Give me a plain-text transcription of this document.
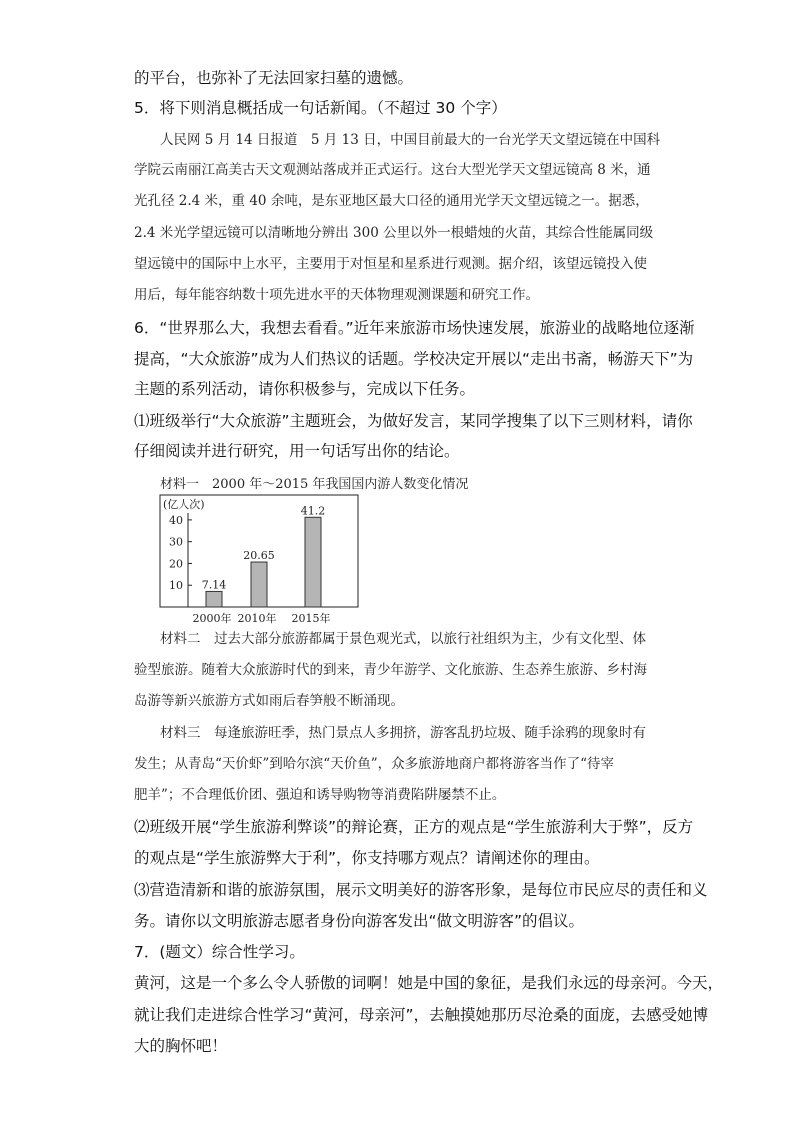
的平台，也弥补了无法回家扫墓的遗憾。
5．将下则消息概括成一句话新闻。（不超过 30 个字）
人民网 5 月 14 日报道　5 月 13 日，中国目前最大的一台光学天文望远镜在中国科
学院云南丽江高美古天文观测站落成并正式运行。这台大型光学天文望远镜高 8 米，通
光孔径 2.4 米，重 40 余吨，是东亚地区最大口径的通用光学天文望远镜之一。据悉，
2.4 米光学望远镜可以清晰地分辨出 300 公里以外一根蜡烛的火苗，其综合性能属同级
望远镜中的国际中上水平，主要用于对恒星和星系进行观测。据介绍，该望远镜投入使
用后，每年能容纳数十项先进水平的天体物理观测课题和研究工作。
6．“世界那么大，我想去看看。”近年来旅游市场快速发展，旅游业的战略地位逐渐
提高，“大众旅游”成为人们热议的话题。学校决定开展以“走出书斋，畅游天下”为
主题的系列活动，请你积极参与，完成以下任务。
⑴班级举行“大众旅游”主题班会，为做好发言，某同学搜集了以下三则材料，请你
仔细阅读并进行研究，用一句话写出你的结论。
材料一　2000 年～2015 年我国国内游人数变化情况
(亿人次)
10
20
30
40
7.14
2000年
20.65
2010年
41.2
2015年
材料二　过去大部分旅游都属于景色观光式，以旅行社组织为主，少有文化型、体
验型旅游。随着大众旅游时代的到来，青少年游学、文化旅游、生态养生旅游、乡村海
岛游等新兴旅游方式如雨后春笋般不断涌现。
材料三　每逢旅游旺季，热门景点人多拥挤，游客乱扔垃圾、随手涂鸦的现象时有
发生；从青岛“天价虾”到哈尔滨“天价鱼”，众多旅游地商户都将游客当作了“待宰
肥羊”；不合理低价团、强迫和诱导购物等消费陷阱屡禁不止。
⑵班级开展“学生旅游利弊谈”的辩论赛，正方的观点是“学生旅游利大于弊”，反方
的观点是“学生旅游弊大于利”，你支持哪方观点？请阐述你的理由。
⑶营造清新和谐的旅游氛围，展示文明美好的游客形象，是每位市民应尽的责任和义
务。请你以文明旅游志愿者身份向游客发出“做文明游客”的倡议。
7．(题文）综合性学习。
黄河，这是一个多么令人骄傲的词啊！她是中国的象征，是我们永远的母亲河。今天，
就让我们走进综合性学习“黄河，母亲河”，去触摸她那历尽沧桑的面庞，去感受她博
大的胸怀吧！
